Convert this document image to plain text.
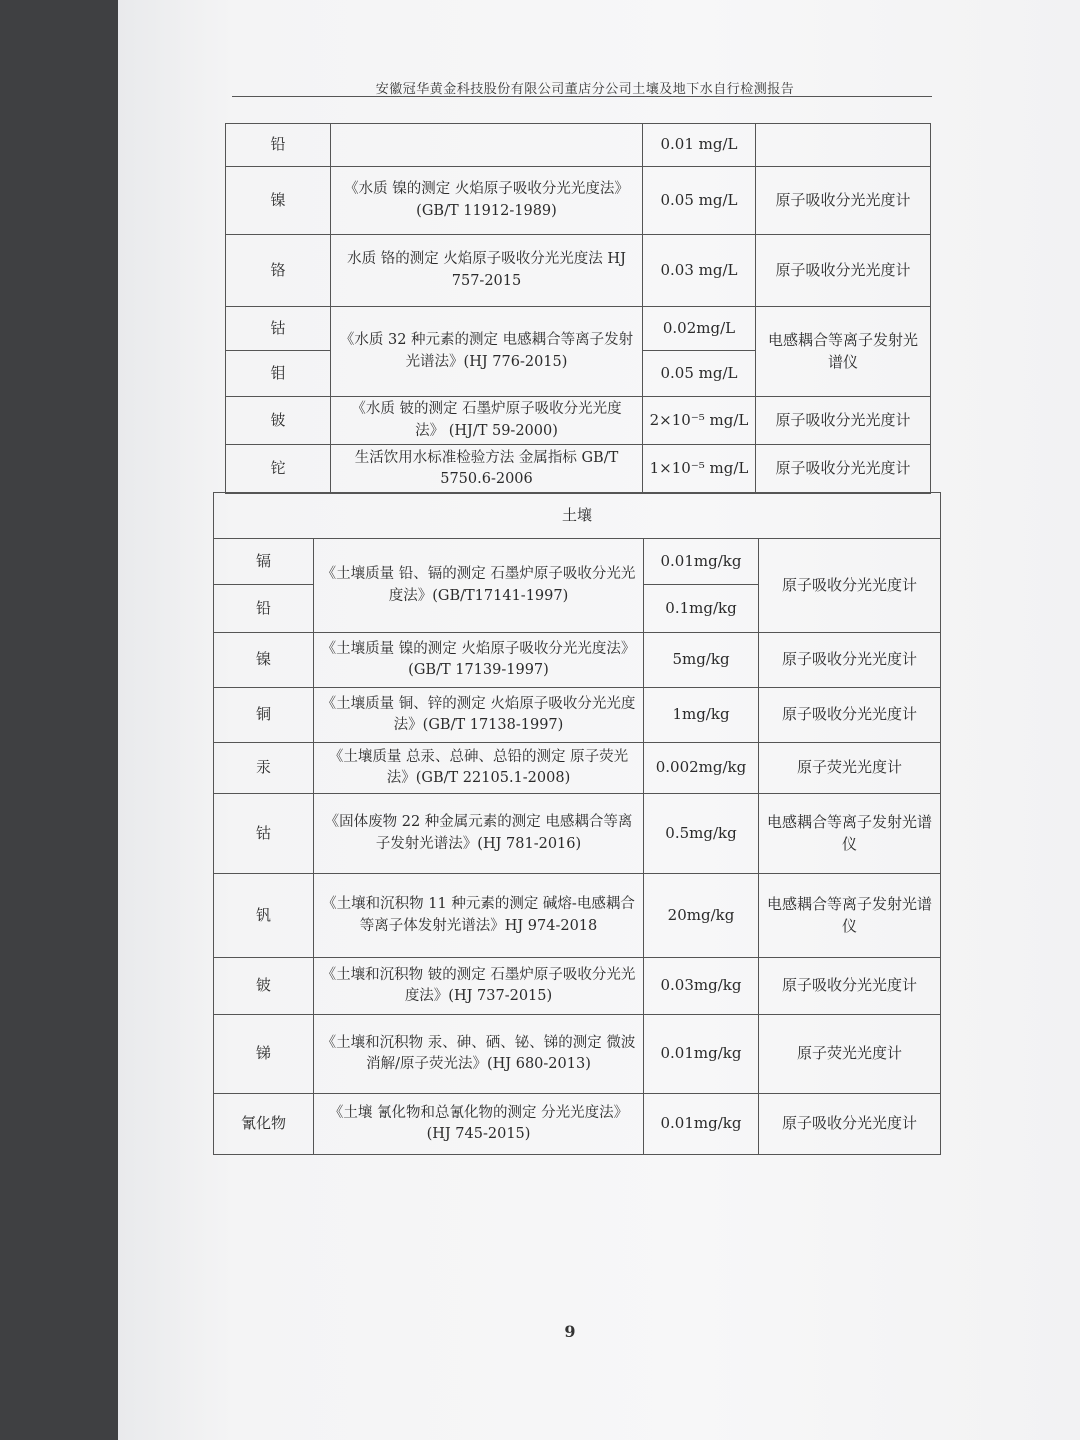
安徽冠华黄金科技股份有限公司董店分公司土壤及地下水自行检测报告
铅		0.01 mg/L	
镍	《水质 镍的测定 火焰原子吸收分光光度法》(GB/T 11912-1989)	0.05 mg/L	原子吸收分光光度计
铬	水质 铬的测定 火焰原子吸收分光光度法 HJ 757-2015	0.03 mg/L	原子吸收分光光度计
钴	《水质 32 种元素的测定 电感耦合等离子发射光谱法》(HJ 776-2015)	0.02mg/L	电感耦合等离子发射光谱仪
钼		0.05 mg/L	
铍	《水质 铍的测定 石墨炉原子吸收分光光度法》 (HJ/T 59-2000)	2×10⁻⁵ mg/L	原子吸收分光光度计
铊	生活饮用水标准检验方法 金属指标 GB/T 5750.6-2006	1×10⁻⁵ mg/L	原子吸收分光光度计
土壤			
镉	《土壤质量 铅、镉的测定 石墨炉原子吸收分光光度法》(GB/T17141-1997)	0.01mg/kg	原子吸收分光光度计
铅		0.1mg/kg	
镍	《土壤质量 镍的测定 火焰原子吸收分光光度法》(GB/T 17139-1997)	5mg/kg	原子吸收分光光度计
铜	《土壤质量 铜、锌的测定 火焰原子吸收分光光度法》(GB/T 17138-1997)	1mg/kg	原子吸收分光光度计
汞	《土壤质量 总汞、总砷、总铅的测定 原子荧光法》(GB/T 22105.1-2008)	0.002mg/kg	原子荧光光度计
钴	《固体废物 22 种金属元素的测定 电感耦合等离子发射光谱法》(HJ 781-2016)	0.5mg/kg	电感耦合等离子发射光谱仪
钒	《土壤和沉积物 11 种元素的测定 碱熔-电感耦合等离子体发射光谱法》HJ 974-2018	20mg/kg	电感耦合等离子发射光谱仪
铍	《土壤和沉积物 铍的测定 石墨炉原子吸收分光光度法》(HJ 737-2015)	0.03mg/kg	原子吸收分光光度计
锑	《土壤和沉积物 汞、砷、硒、铋、锑的测定 微波消解/原子荧光法》(HJ 680-2013)	0.01mg/kg	原子荧光光度计
氰化物	《土壤 氰化物和总氰化物的测定 分光光度法》(HJ 745-2015)	0.01mg/kg	原子吸收分光光度计
9
